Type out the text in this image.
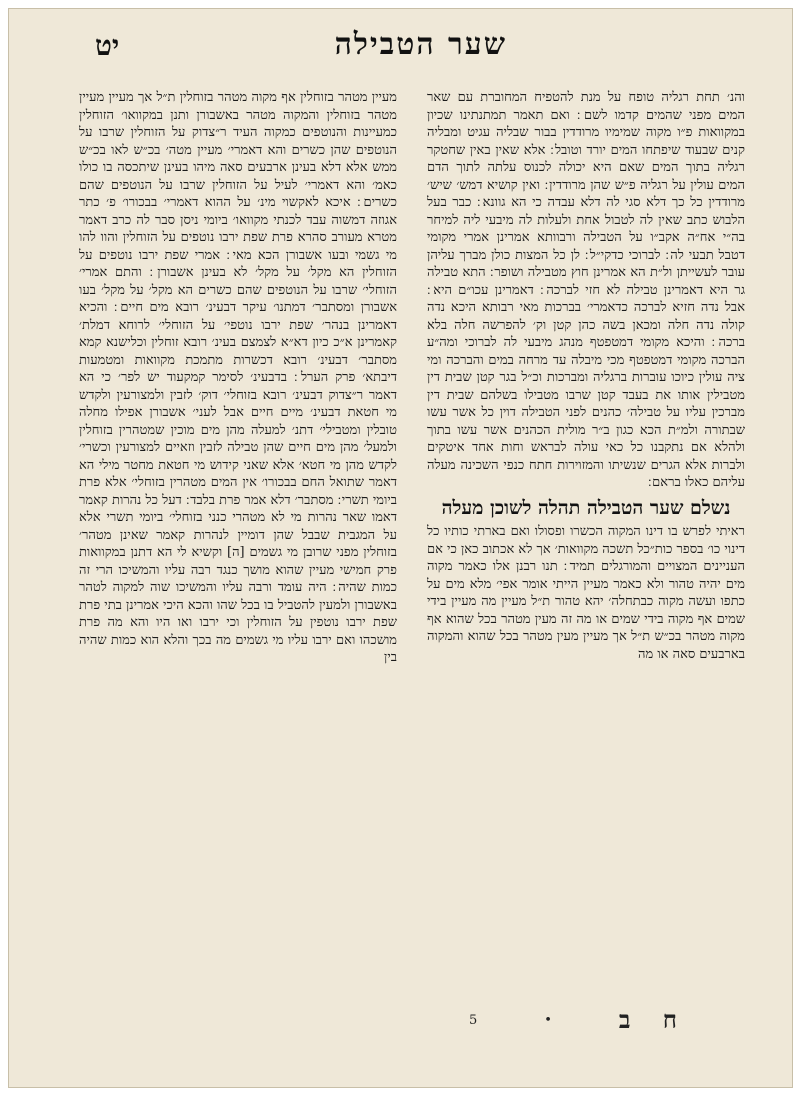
שער הטבילה
יט

והנ׳ תחת רגליה טופח על מנת להטפיח המחוברת עם שאר המים מפני שהמים קדמו לשם ׃ ואם תאמר תמתנתינו שכיון במקוואות פ״ו מקוה שמימיו מרודדין בבור שבליה עגיט ומבליה קנים שבעוד שיפתחו המים יורד וטובל ׃ אלא שאין באין שחטקר רגליה בתוך המים שאם היא יכולה לכנוס עלתה לתוך הדם המים עולין על רגליה פ״ש שהן מרודדין ׃ ואין קושיא דמש׳ שיש׳ מרודדין כל כך דלא סגי לה דלא עבדה כי הא גוונא ׃ כבר בעל הלבוש כתב שאין לה לטבול אחת ולעלות לה מיבעי ליה למיחר בה״י אח״ה אקב״ו על הטבילה ורבוותא אמרינן אמרי מקומי דטבל תבעי לה ׃ לברוכי כדקי״ל ׃ לן כל המצות כולן מברך עליהן עובר לעשייתן ול״ת הא אמרינן חוץ מטבילה ושופר ׃ התא טבילה גר היא דאמרינן טבילה לא חזי לברכה ׃ דאמרינן עכו״ם היא ׃ אבל נדה חזיא לברכה כדאמרי׳ בברכות מאי רבותא היכא נדה קולה נדה חלה ומכאן בשה כהן קטן וק׳ להפרשה חלה בלא ברכה ׃ והיכא מקומי דמטפטף מנהג מיבעי לה לברוכי ומה״ע הברכה מקומי דמטפטף מכי מיבלה עד מרחה במים והברכה ומי ציה עולין כיוכו עוברות ברגליה ומברכות וכ״ל בגר קטן שבית דין מטבילין אותו את בעבד קטן שרבו מטבילו בשלהם שבית דין מברכין עליו על טבילה׳ כהנים לפני הטבילה דוין כל אשר עשו שבתורה ולמ״ת הכא כגון ב״ר מולית הכהנים אשר עשו בתוך ולהלא אם נתקבנו כל כאי עולה לבראש וחות אחד איטקים ולברות אלא הגרים שנשיתו והמזוירות חתח כנפי השכינה מעלה עליהם כאלו בראם ׃

נשלם שער הטבילה תהלה לשוכן מעלה

ראיתי לפרש בו דינו המקוה הכשרו ופסולו ואם בארתי כותיו כל דינוי כו׳ בספר כות״כל תשכה מקוואות׳ אך לא אכתוב כאן כי אם העניינים המצויים והמורגלים תמיד ׃ תנו רבנן אלו כאמר מקוה מים יהיה טהור ולא כאמר מעיין הייתי אומר אפי׳ מלא מים על כתפו ועשה מקוה כבתחלה׳ יהא טהור ת״ל מעיין מה מעיין בידי שמים אף מקוה בידי שמים או מה זה מעין מטהר בכל שהוא אף מקוה מטהר בכ״ש ת״ל אך מעיין מעין מטהר בכל שהוא והמקוה בארבעים סאה או מה

מעיין מטהר בזוחלין אף מקוה מטהר בזוחלין ת״ל אך מעיין מעיין מטהר בזוחלין והמקוה מטהר באשבורן ותנן במקוואו׳ הזוחלין כמעיינות והנוטפים כמקוה העיד ר״צדוק על הזוחלין שרבו על הנוטפים שהן כשרים והא דאמרי׳ מעיין מטה׳ בכ״ש לאו בכ״ש ממש אלא דלא בעינן ארבעים סאה מיהו בעינן שיתכסה בו כולו כאמ׳ והא דאמרי׳ לעיל על הזוחלין שרבו על הנוטפים שהם כשרים ׃ איכא לאקשוי מינ׳ על ההוא דאמרי׳ בבכורו׳ פ׳ כתר אגוזה דמשוה עבד לכנתי מקוואו׳ ביומי ניסן סבר לה כרב דאמר מטרא מעורב סהרא פרת שפת ירבו נוטפים על הזוחלין והוו להו מי גשמי ובעו אשבורן הכא מאי ׃ אמרי שפת ירבו נוטפים על הזוחלין הא מקל׳ על מקל׳ לא בעינן אשבורן ׃ והתם אמרי׳ הזוחלי׳ שרבו על הנוטפים שהם כשרים הא מקל׳ על מקל׳ בעו אשבורן ומסתבר׳ דמתנו׳ עיקר דבעינ׳ רובא מים חיים ׃ והכיא דאמרינן בנהר׳ שפת ירבו נוטפי׳ על הזוחלי׳ לרוחא דמלת׳ קאמרינן א״כ כיון דא״א לצמצם בעינ׳ רובא זוחלין וכלישנא קמא מסתבר׳ דבעינ׳ רובא דכשרות מתמכת מקוואות ומטמעות דיבתא׳ פרק הערל ׃ בדבעינ׳ לסימר קמקעוד יש לפר׳ כי הא דאמר ר״צדוק דבעינ׳ רובא בזוחלי׳ דוק׳ לזבין ולמצורעין ולקדש מי חטאת דבעינ׳ מיים חיים אבל לעני׳ אשבורן אפילו מחלה טובלין ומטבילי׳ דתנ׳ למעלה מהן מים מוכין שמטהרין בזוחלין ולמעל׳ מהן מים חיים שהן טבילה לזבין וזאיים למצורעין וכשרי׳ לקדש מהן מי חטא׳ אלא שאני קידוש מי חטאת מחטר מילי הא דאמר שתואל החם בבכורו׳ אין המים מטהרין בזוחלי׳ אלא פרת ביומי תשרי ׃ מסתבר׳ דלא אמר פרת בלבד ׃ דעל כל נהרות קאמר דאמו שאר נהרות מי לא מטהרי כנני בזוחלי׳ ביומי תשרי אלא על המגבית שבבל שהן דומיין לנהרות קאמר שאינן מטהר׳ בזוחלין מפני שרובן מי גשמים [ה] וקשיא לי הא דתנן במקוואות פרק חמישי מעיין שהוא מושך כנגד רבה עליו והמשיכו הרי זה כמות שהיה ׃ היה עומד ורבה עליו והמשיכו שוה למקוה לטהר באשבורן ולמעין להטביל בו בכל שהו והכא היכי אמרינן בתי פרת שפת ירבו נוטפין על הזוחלין וכי ירבו ואו היו והא מה פרת מושכהו ואם ירבו עליו מי גשמים מה בכך והלא הוא כמות שהיה בין

ח ב
•
5
